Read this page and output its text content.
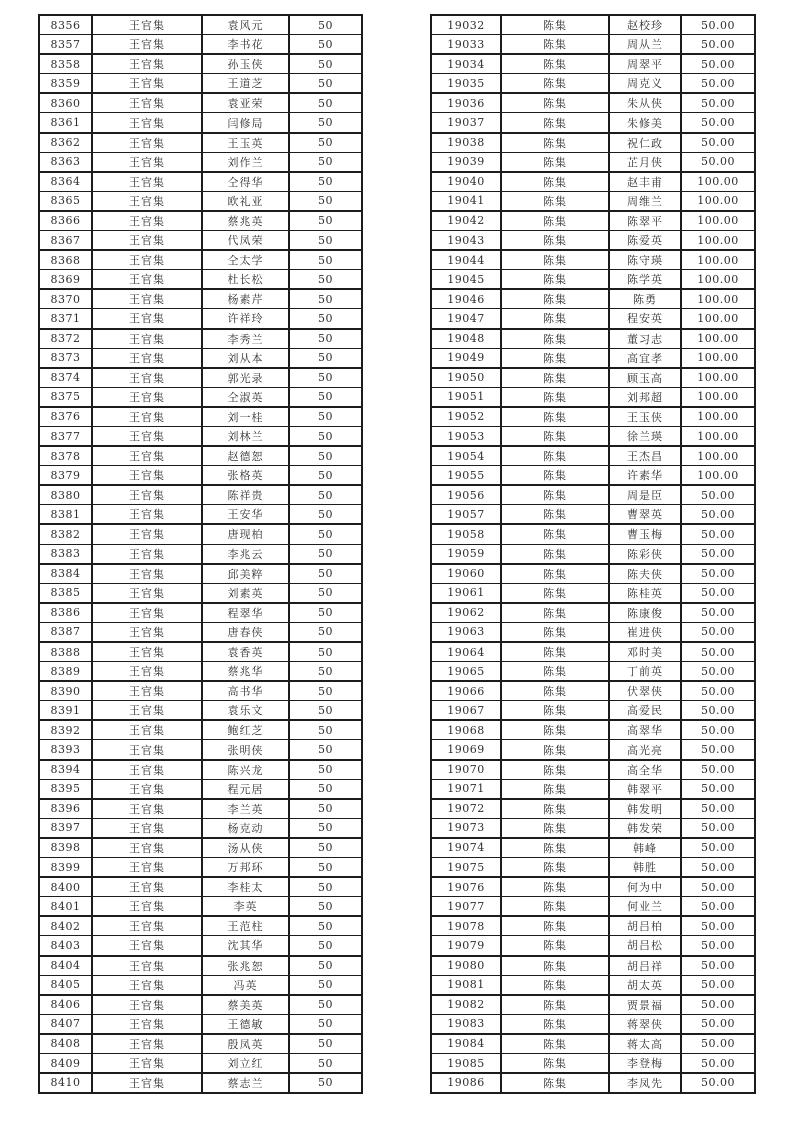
8356	王官集	袁风元	50
8357	王官集	李书花	50
8358	王官集	孙玉侠	50
8359	王官集	王道芝	50
8360	王官集	袁亚荣	50
8361	王官集	闫修局	50
8362	王官集	王玉英	50
8363	王官集	刘作兰	50
8364	王官集	仝得华	50
8365	王官集	欧礼亚	50
8366	王官集	蔡兆英	50
8367	王官集	代凤荣	50
8368	王官集	仝太学	50
8369	王官集	杜长松	50
8370	王官集	杨素芹	50
8371	王官集	许祥玲	50
8372	王官集	李秀兰	50
8373	王官集	刘从本	50
8374	王官集	郭光录	50
8375	王官集	仝淑英	50
8376	王官集	刘一桂	50
8377	王官集	刘林兰	50
8378	王官集	赵德恕	50
8379	王官集	张格英	50
8380	王官集	陈祥贵	50
8381	王官集	王安华	50
8382	王官集	唐现柏	50
8383	王官集	李兆云	50
8384	王官集	邱美粹	50
8385	王官集	刘素英	50
8386	王官集	程翠华	50
8387	王官集	唐春侠	50
8388	王官集	袁香英	50
8389	王官集	蔡兆华	50
8390	王官集	高书华	50
8391	王官集	袁乐文	50
8392	王官集	鲍红芝	50
8393	王官集	张明侠	50
8394	王官集	陈兴龙	50
8395	王官集	程元居	50
8396	王官集	李兰英	50
8397	王官集	杨克动	50
8398	王官集	汤从侠	50
8399	王官集	万邦环	50
8400	王官集	李桂太	50
8401	王官集	李英	50
8402	王官集	王范柱	50
8403	王官集	沈其华	50
8404	王官集	张兆恕	50
8405	王官集	冯英	50
8406	王官集	蔡美英	50
8407	王官集	王德敏	50
8408	王官集	殷凤英	50
8409	王官集	刘立红	50
8410	王官集	蔡志兰	50
19032	陈集	赵校珍	50.00
19033	陈集	周从兰	50.00
19034	陈集	周翠平	50.00
19035	陈集	周克义	50.00
19036	陈集	朱从侠	50.00
19037	陈集	朱修美	50.00
19038	陈集	祝仁政	50.00
19039	陈集	芷月侠	50.00
19040	陈集	赵丰甫	100.00
19041	陈集	周维兰	100.00
19042	陈集	陈翠平	100.00
19043	陈集	陈爱英	100.00
19044	陈集	陈守瑛	100.00
19045	陈集	陈学英	100.00
19046	陈集	陈勇	100.00
19047	陈集	程安英	100.00
19048	陈集	董习志	100.00
19049	陈集	高宜孝	100.00
19050	陈集	顾玉高	100.00
19051	陈集	刘邦超	100.00
19052	陈集	王玉侠	100.00
19053	陈集	徐兰瑛	100.00
19054	陈集	王杰昌	100.00
19055	陈集	许素华	100.00
19056	陈集	周是臣	50.00
19057	陈集	曹翠英	50.00
19058	陈集	曹玉梅	50.00
19059	陈集	陈彩侠	50.00
19060	陈集	陈夫侠	50.00
19061	陈集	陈桂英	50.00
19062	陈集	陈康俊	50.00
19063	陈集	崔进侠	50.00
19064	陈集	邓时美	50.00
19065	陈集	丁前英	50.00
19066	陈集	伏翠侠	50.00
19067	陈集	高爱民	50.00
19068	陈集	高翠华	50.00
19069	陈集	高光亮	50.00
19070	陈集	高全华	50.00
19071	陈集	韩翠平	50.00
19072	陈集	韩发明	50.00
19073	陈集	韩发荣	50.00
19074	陈集	韩峰	50.00
19075	陈集	韩胜	50.00
19076	陈集	何为中	50.00
19077	陈集	何业兰	50.00
19078	陈集	胡吕柏	50.00
19079	陈集	胡吕松	50.00
19080	陈集	胡吕祥	50.00
19081	陈集	胡太英	50.00
19082	陈集	贾景福	50.00
19083	陈集	蒋翠侠	50.00
19084	陈集	蒋太高	50.00
19085	陈集	李登梅	50.00
19086	陈集	李凤先	50.00
